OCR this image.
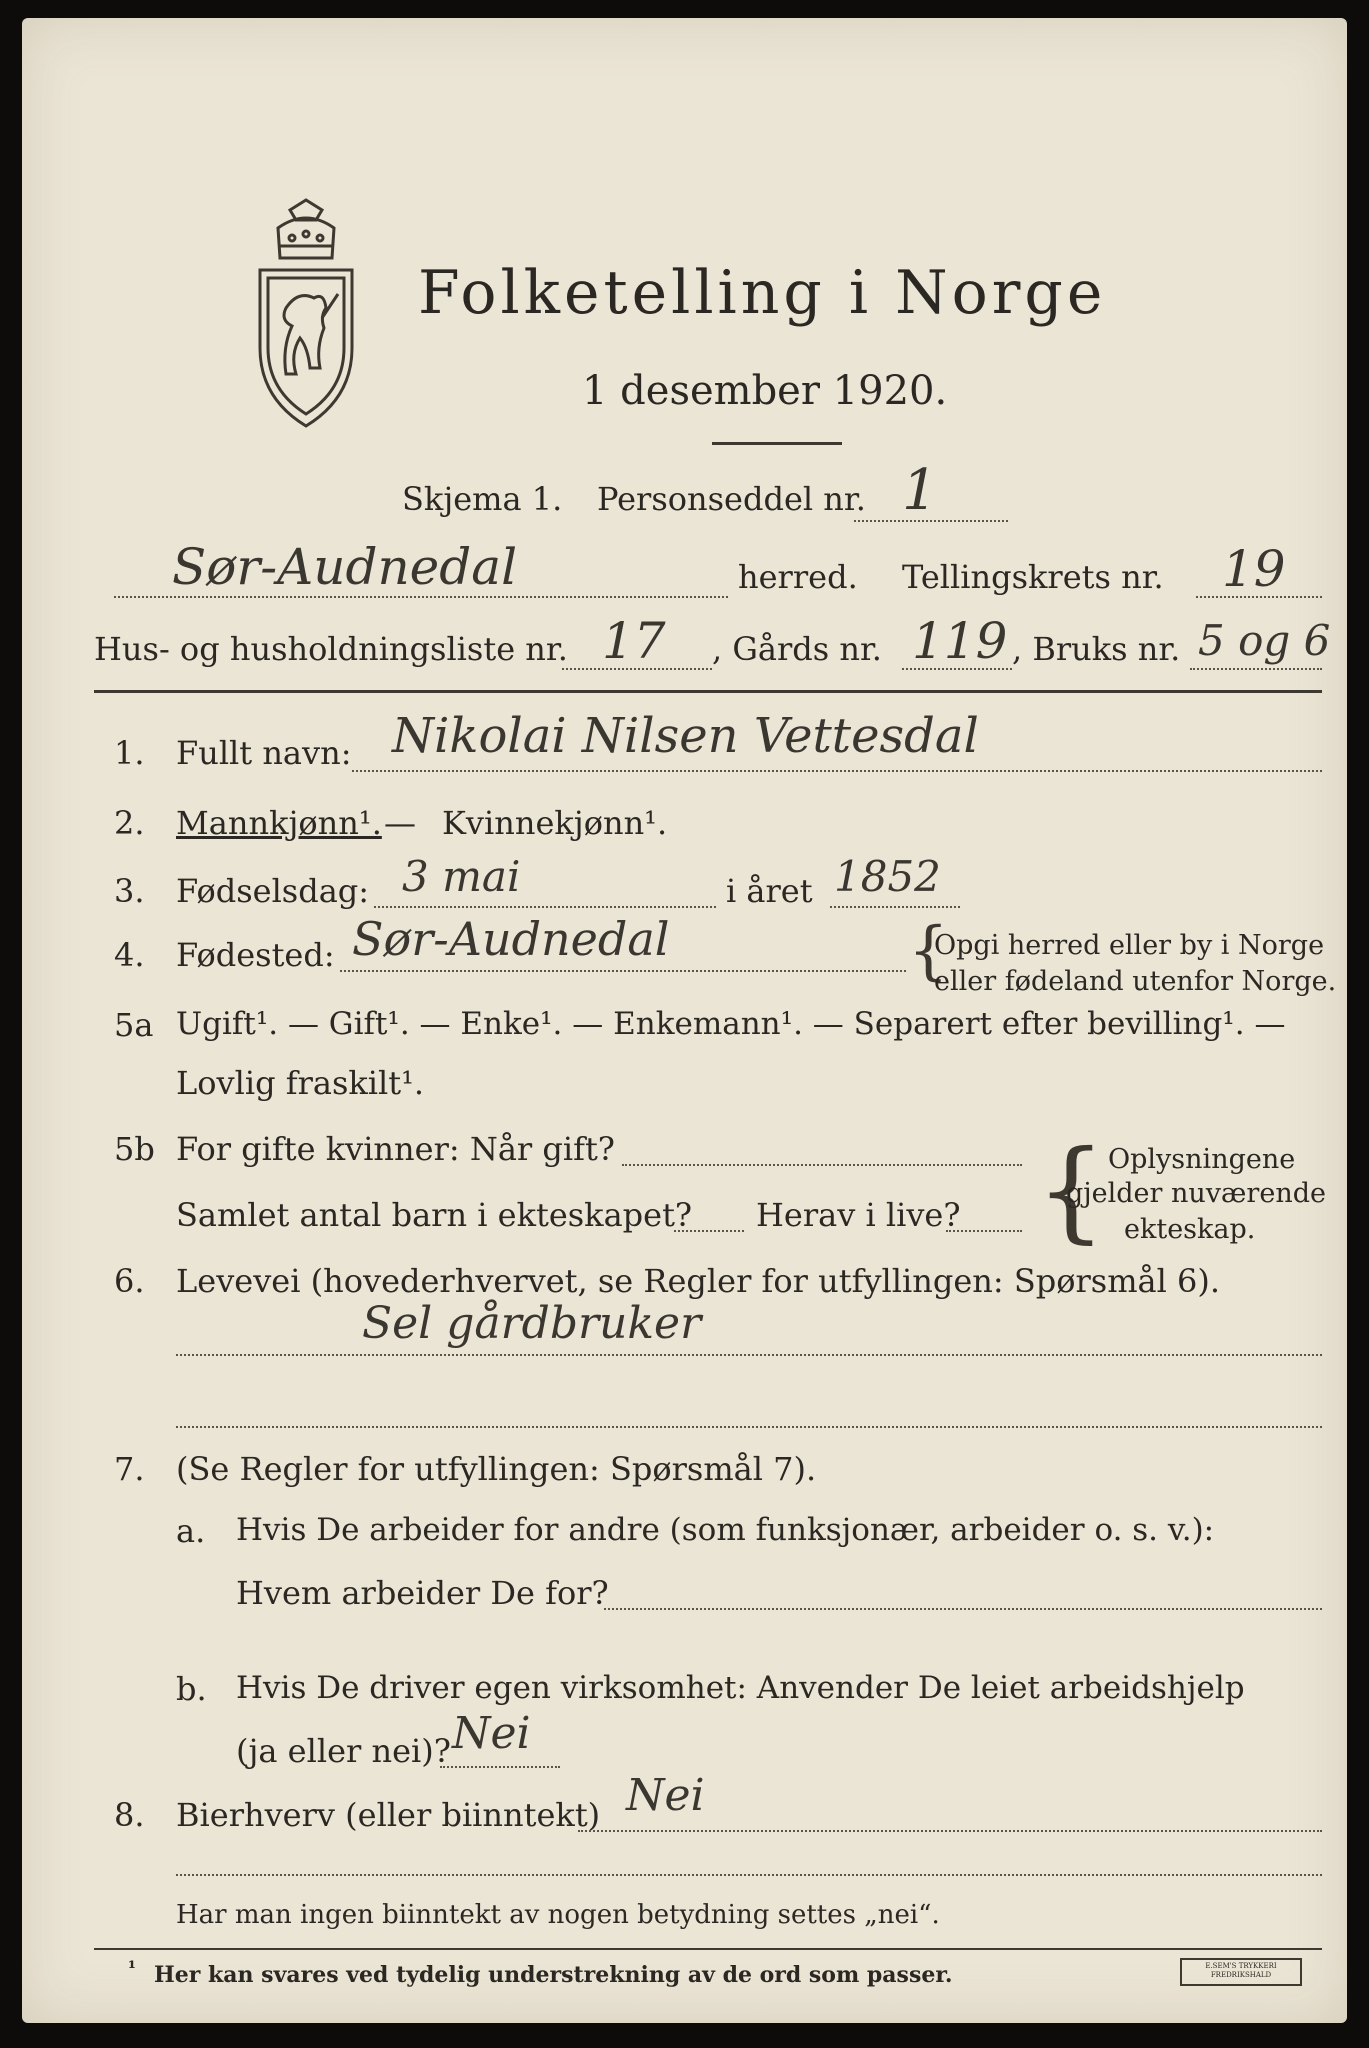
Folketelling i Norge
1 desember 1920.
Skjema 1. Personseddel nr. 1
Sør-Audnedal	herred. Tellingskrets nr. 19
Hus- og husholdningsliste nr. 17 , Gårds nr. 119 , Bruks nr. 5 og 6
1. Fullt navn: Nikolai Nilsen Vettesdal
2. Mannkjønn¹. — Kvinnekjønn¹.
3. Fødselsdag: 3 mai	i året 1852
4. Fødested: Sør-Audnedal	{
Opgi herred eller by i Norge
eller fødeland utenfor Norge.
5a Ugift¹. — Gift¹. — Enke¹. — Enkemann¹. — Separert efter bevilling¹. —
Lovlig fraskilt¹.
5b For gifte kvinner: Når gift?
Samlet antal barn i ekteskapet? Herav i live? { Oplysningene
gjelder nuværende
ekteskap.
6. Levevei (hovederhvervet, se Regler for utfyllingen: Spørsmål 6).
Sel gårdbruker
7. (Se Regler for utfyllingen: Spørsmål 7).
a. Hvis De arbeider for andre (som funksjonær, arbeider o. s. v.):
Hvem arbeider De for?
b. Hvis De driver egen virksomhet: Anvender De leiet arbeidshjelp
(ja eller nei)? Nei
8. Bierhverv (eller biinntekt) Nei
Har man ingen biinntekt av nogen betydning settes „nei“.
¹ Her kan svares ved tydelig understrekning av de ord som passer.	E.SEM'S TRYKKERI FREDRIKSHALD
